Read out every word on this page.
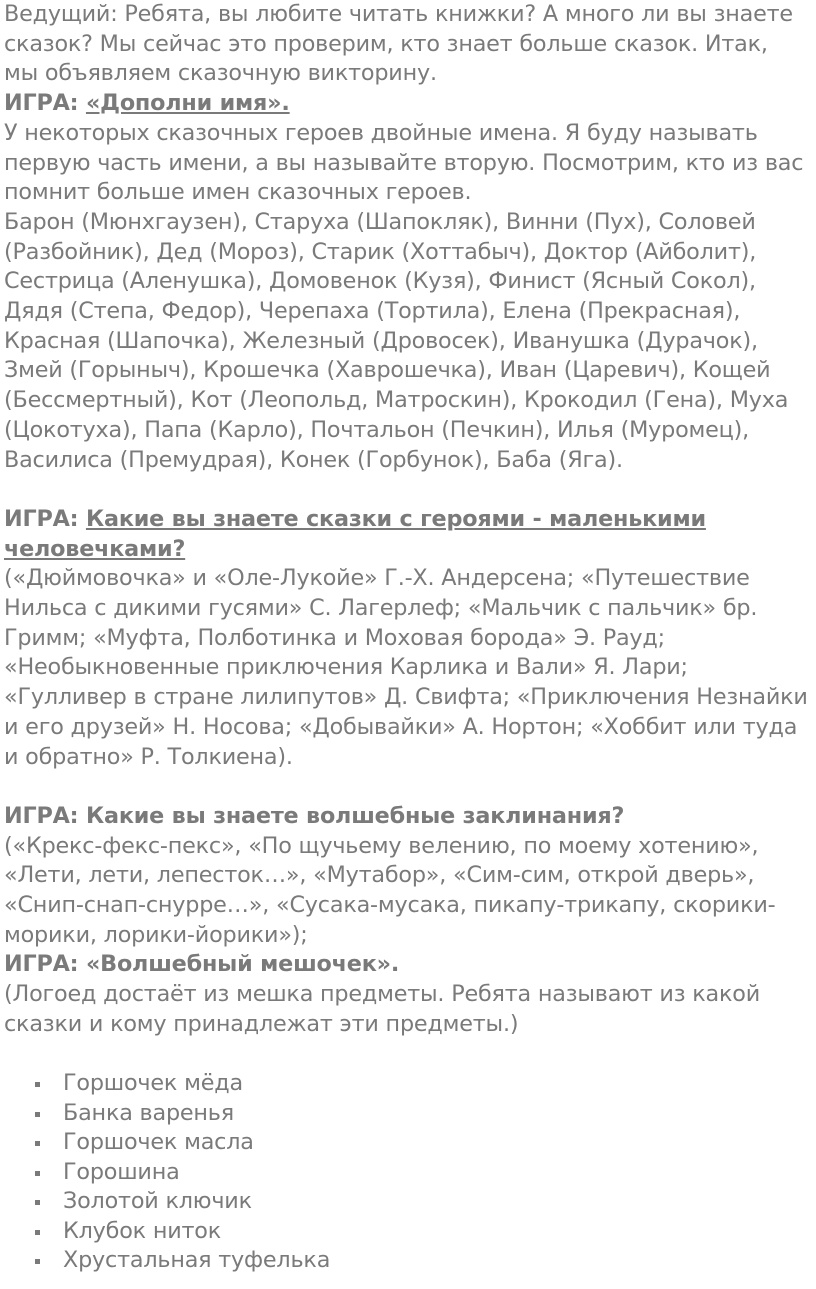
Ведущий: Ребята, вы любите читать книжки? А много ли вы знаете сказок? Мы сейчас это проверим, кто знает больше сказок. Итак, мы объявляем сказочную викторину.

ИГРА: «Дополни имя».

У некоторых сказочных героев двойные имена. Я буду называть первую часть имени, а вы называйте вторую. Посмотрим, кто из вас помнит больше имен сказочных героев.

Барон (Мюнхгаузен), Старуха (Шапокляк), Винни (Пух), Соловей (Разбойник), Дед (Мороз), Старик (Хоттабыч), Доктор (Айболит), Сестрица (Аленушка), Домовенок (Кузя), Финист (Ясный Сокол), Дядя (Степа, Федор), Черепаха (Тортила), Елена (Прекрасная), Красная (Шапочка), Железный (Дровосек), Иванушка (Дурачок), Змей (Горыныч), Крошечка (Хаврошечка), Иван (Царевич), Кощей (Бессмертный), Кот (Леопольд, Матроскин), Крокодил (Гена), Муха (Цокотуха), Папа (Карло), Почтальон (Печкин), Илья (Муромец), Василиса (Премудрая), Конек (Горбунок), Баба (Яга).

ИГРА: Какие вы знаете сказки с героями - маленькими человечками?

(«Дюймовочка» и «Оле-Лукойе» Г.-Х. Андерсена; «Путешествие Нильса с дикими гусями» С. Лагерлеф; «Мальчик с пальчик» бр. Гримм; «Муфта, Полботинка и Моховая борода» Э. Рауд; «Необыкновенные приключения Карлика и Вали» Я. Лари; «Гулливер в стране лилипутов» Д. Свифта; «Приключения Незнайки и его друзей» Н. Носова; «Добывайки» А. Нортон; «Хоббит или туда и обратно» Р. Толкиена).

ИГРА: Какие вы знаете волшебные заклинания?

(«Крекс-фекс-пекс», «По щучьему велению, по моему хотению», «Лети, лети, лепесток…», «Мутабор», «Сим-сим, открой дверь», «Снип-снап-снурре…», «Сусака-мусака, пикапу-трикапу, скорики-морики, лорики-йорики»);

ИГРА: «Волшебный мешочек».

(Логоед достаёт из мешка предметы. Ребята называют из какой сказки и кому принадлежат эти предметы.)

Горшочек мёда
Банка варенья
Горшочек масла
Горошина
Золотой ключик
Клубок ниток
Хрустальная туфелька
